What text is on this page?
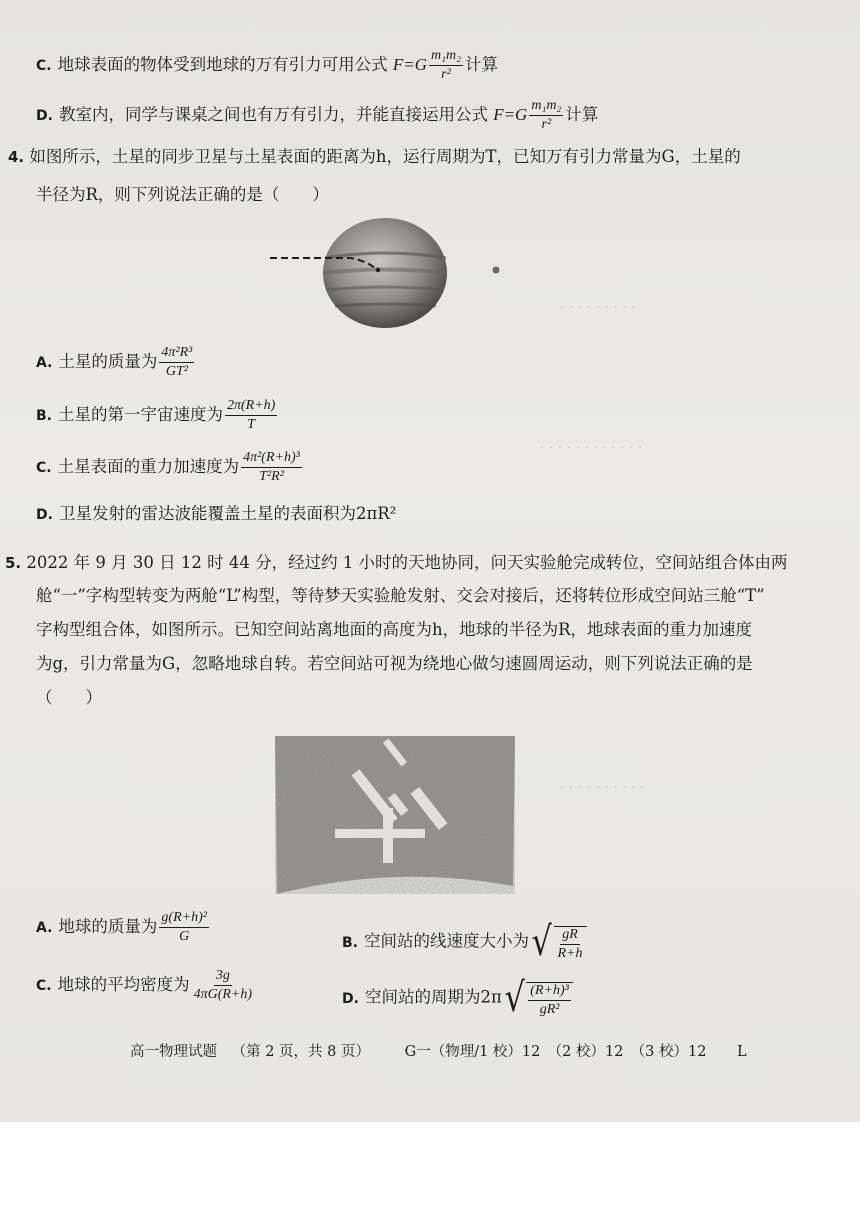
· · · · · · · · ·
· · · · · · · · · · · ·
· · · · · · · · · ·
C. 地球表面的物体受到地球的万有引力可用公式 $F=G \frac{\text{m₁m₂}}{\text{r²}}$ 计算
D. 教室内，同学与课桌之间也有万有引力，并能直接运用公式 $F=G \frac{\text{m₁m₂}}{\text{r²}}$ 计算
4. 如图所示，土星的同步卫星与土星表面的距离为h，运行周期为T，已知万有引力常量为G，土星的
半径为R，则下列说法正确的是（　　）
A. 土星的质量为 $\frac{\text{4π²R³}}{\text{GT²}}$
B. 土星的第一宇宙速度为 $\frac{2\pi(R+h)}{T}$
C. 土星表面的重力加速度为 $\frac{\text{4π²(R+h)³}}{\text{T²R²}}$
D. 卫星发射的雷达波能覆盖土星的表面积为2πR²
5. 2022 年 9 月 30 日 12 时 44 分，经过约 1 小时的天地协同，问天实验舱完成转位，空间站组合体由两
舱“一”字构型转变为两舱“L”构型，等待梦天实验舱发射、交会对接后，还将转位形成空间站三舱“T”
字构型组合体，如图所示。已知空间站离地面的高度为h，地球的半径为R，地球表面的重力加速度
为g，引力常量为G，忽略地球自转。若空间站可视为绕地心做匀速圆周运动，则下列说法正确的是
（　　）
A. 地球的质量为 $\frac{\text{g(R+h)²}}{G}$	B. 空间站的线速度大小为 √ $\frac{gR}{R+h}$
C. 地球的平均密度为 $\frac{3g}{4\pi G(R+h)}$	D. 空间站的周期为2π √ $\frac{\text{(R+h)³}}{\text{gR²}}$
高一物理试题 （第 2 页，共 8 页） G一（物理/1 校）12　（2 校）12　（3 校）12 L
